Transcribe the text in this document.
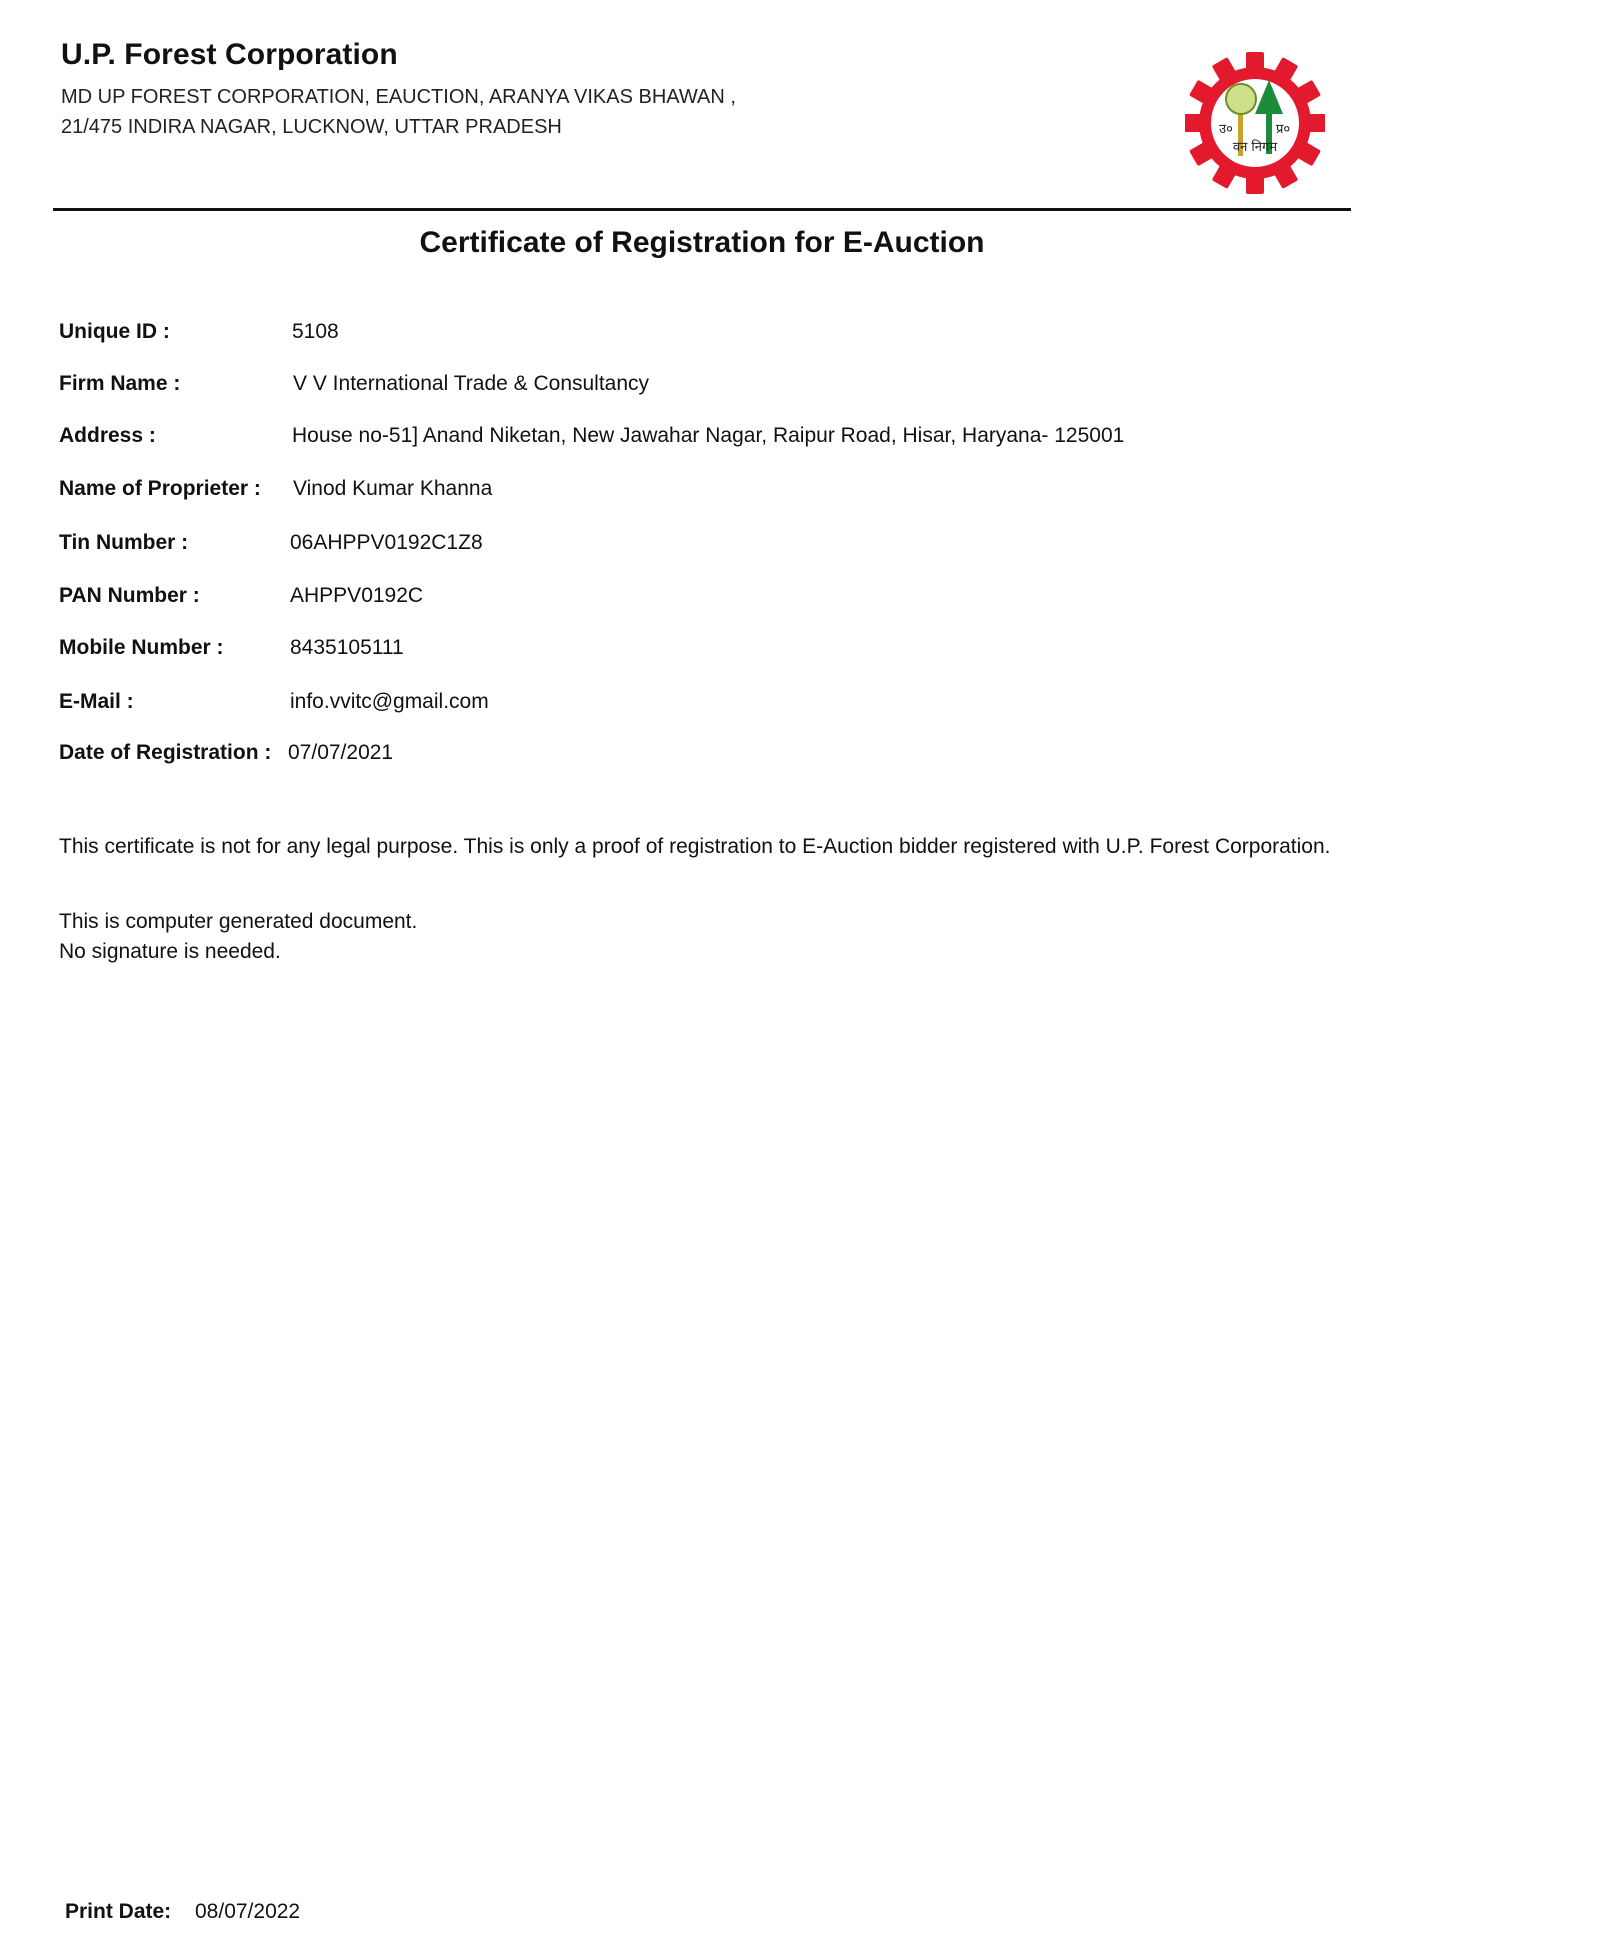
U.P. Forest Corporation
MD UP FOREST CORPORATION, EAUCTION, ARANYA VIKAS BHAWAN ,
21/475 INDIRA NAGAR, LUCKNOW, UTTAR PRADESH	उ०	प्र०
वन निगम
Certificate of Registration for E-Auction
Unique ID :	5108
Firm Name :	V V International Trade & Consultancy
Address :	House no-51] Anand Niketan, New Jawahar Nagar, Raipur Road, Hisar, Haryana- 125001
Name of Proprieter : Vinod Kumar Khanna
Tin Number :	06AHPPV0192C1Z8
PAN Number :	AHPPV0192C
Mobile Number :	8435105111
E-Mail :	info.vvitc@gmail.com
Date of Registration : 07/07/2021
This certificate is not for any legal purpose. This is only a proof of registration to E-Auction bidder registered with U.P. Forest Corporation.
This is computer generated document.
No signature is needed.
Print Date: 08/07/2022
